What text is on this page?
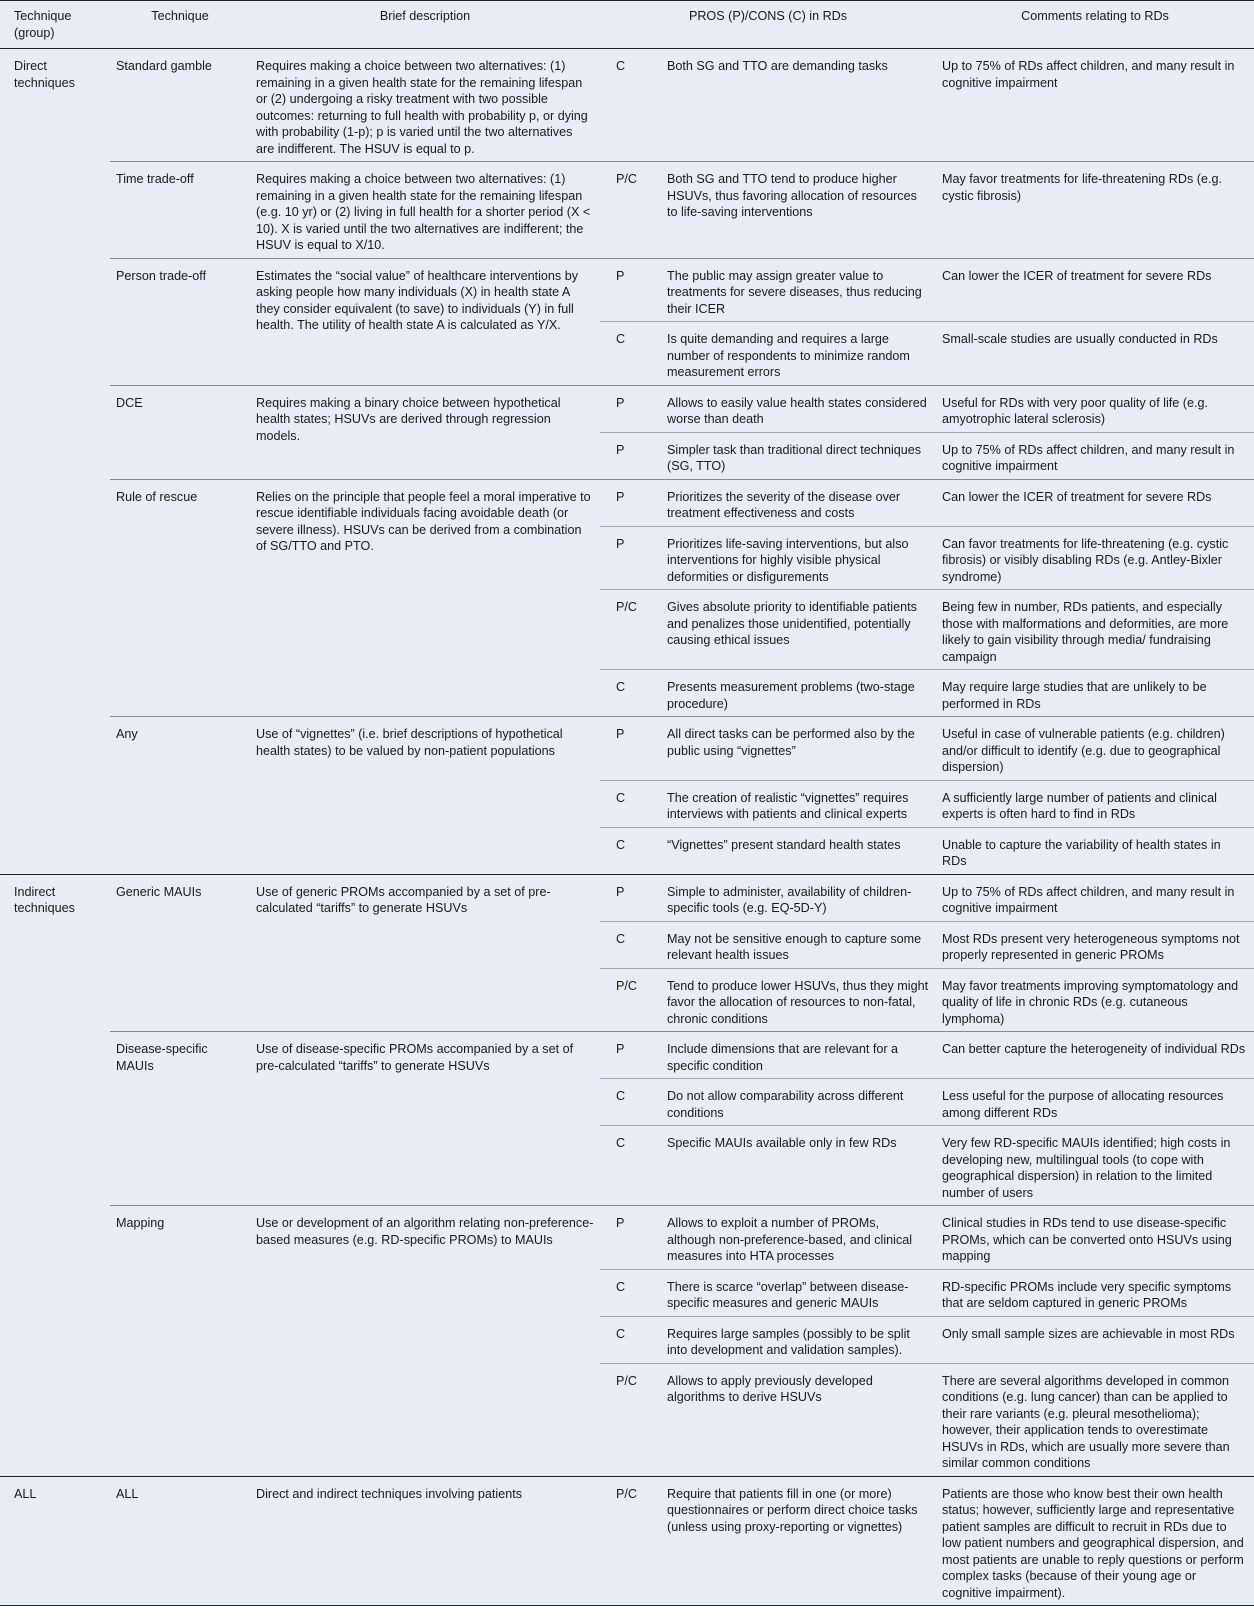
Technique (group)	Technique	Brief description	PROS (P)/CONS (C) in RDs		Comments relating to RDs
Direct techniques	Standard gamble	Requires making a choice between two alternatives: (1) remaining in a given health state for the remaining lifespan or (2) undergoing a risky treatment with two possible outcomes: returning to full health with probability p, or dying with probability (1-p); p is varied until the two alternatives are indifferent. The HSUV is equal to p.	C	Both SG and TTO are demanding tasks	Up to 75% of RDs affect children, and many result in cognitive impairment
	Time trade-off	Requires making a choice between two alternatives: (1) remaining in a given health state for the remaining lifespan (e.g. 10 yr) or (2) living in full health for a shorter period (X < 10). X is varied until the two alternatives are indifferent; the HSUV is equal to X/10.	P/C	Both SG and TTO tend to produce higher HSUVs, thus favoring allocation of resources to life-saving interventions	May favor treatments for life-threatening RDs (e.g. cystic fibrosis)
	Person trade-off	Estimates the “social value” of healthcare interventions by asking people how many individuals (X) in health state A they consider equivalent (to save) to individuals (Y) in full health. The utility of health state A is calculated as Y/X.	P	The public may assign greater value to treatments for severe diseases, thus reducing their ICER	Can lower the ICER of treatment for severe RDs
			C	Is quite demanding and requires a large number of respondents to minimize random measurement errors	Small-scale studies are usually conducted in RDs
	DCE	Requires making a binary choice between hypothetical health states; HSUVs are derived through regression models.	P	Allows to easily value health states considered worse than death	Useful for RDs with very poor quality of life (e.g. amyotrophic lateral sclerosis)
			P	Simpler task than traditional direct techniques (SG, TTO)	Up to 75% of RDs affect children, and many result in cognitive impairment
	Rule of rescue	Relies on the principle that people feel a moral imperative to rescue identifiable individuals facing avoidable death (or severe illness). HSUVs can be derived from a combination of SG/TTO and PTO.	P	Prioritizes the severity of the disease over treatment effectiveness and costs	Can lower the ICER of treatment for severe RDs
			P	Prioritizes life-saving interventions, but also interventions for highly visible physical deformities or disfigurements	Can favor treatments for life-threatening (e.g. cystic fibrosis) or visibly disabling RDs (e.g. Antley-Bixler syndrome)
			P/C	Gives absolute priority to identifiable patients and penalizes those unidentified, potentially causing ethical issues	Being few in number, RDs patients, and especially those with malformations and deformities, are more likely to gain visibility through media/ fundraising campaign
			C	Presents measurement problems (two-stage procedure)	May require large studies that are unlikely to be performed in RDs
	Any	Use of “vignettes” (i.e. brief descriptions of hypothetical health states) to be valued by non-patient populations	P	All direct tasks can be performed also by the public using “vignettes”	Useful in case of vulnerable patients (e.g. children) and/or difficult to identify (e.g. due to geographical dispersion)
			C	The creation of realistic “vignettes” requires interviews with patients and clinical experts	A sufficiently large number of patients and clinical experts is often hard to find in RDs
			C	“Vignettes” present standard health states	Unable to capture the variability of health states in RDs
Indirect techniques	Generic MAUIs	Use of generic PROMs accompanied by a set of pre-calculated “tariffs” to generate HSUVs	P	Simple to administer, availability of children-specific tools (e.g. EQ-5D-Y)	Up to 75% of RDs affect children, and many result in cognitive impairment
			C	May not be sensitive enough to capture some relevant health issues	Most RDs present very heterogeneous symptoms not properly represented in generic PROMs
			P/C	Tend to produce lower HSUVs, thus they might favor the allocation of resources to non-fatal, chronic conditions	May favor treatments improving symptomatology and quality of life in chronic RDs (e.g. cutaneous lymphoma)
	Disease-specific MAUIs	Use of disease-specific PROMs accompanied by a set of pre-calculated “tariffs” to generate HSUVs	P	Include dimensions that are relevant for a specific condition	Can better capture the heterogeneity of individual RDs
			C	Do not allow comparability across different conditions	Less useful for the purpose of allocating resources among different RDs
			C	Specific MAUIs available only in few RDs	Very few RD-specific MAUIs identified; high costs in developing new, multilingual tools (to cope with geographical dispersion) in relation to the limited number of users
	Mapping	Use or development of an algorithm relating non-preference-based measures (e.g. RD-specific PROMs) to MAUIs	P	Allows to exploit a number of PROMs, although non-preference-based, and clinical measures into HTA processes	Clinical studies in RDs tend to use disease-specific PROMs, which can be converted onto HSUVs using mapping
			C	There is scarce “overlap” between disease-specific measures and generic MAUIs	RD-specific PROMs include very specific symptoms that are seldom captured in generic PROMs
			C	Requires large samples (possibly to be split into development and validation samples).	Only small sample sizes are achievable in most RDs
			P/C	Allows to apply previously developed algorithms to derive HSUVs	There are several algorithms developed in common conditions (e.g. lung cancer) than can be applied to their rare variants (e.g. pleural mesothelioma); however, their application tends to overestimate HSUVs in RDs, which are usually more severe than similar common conditions
ALL	ALL	Direct and indirect techniques involving patients	P/C	Require that patients fill in one (or more) questionnaires or perform direct choice tasks (unless using proxy-reporting or vignettes)	Patients are those who know best their own health status; however, sufficiently large and representative patient samples are difficult to recruit in RDs due to low patient numbers and geographical dispersion, and most patients are unable to reply questions or perform complex tasks (because of their young age or cognitive impairment).
